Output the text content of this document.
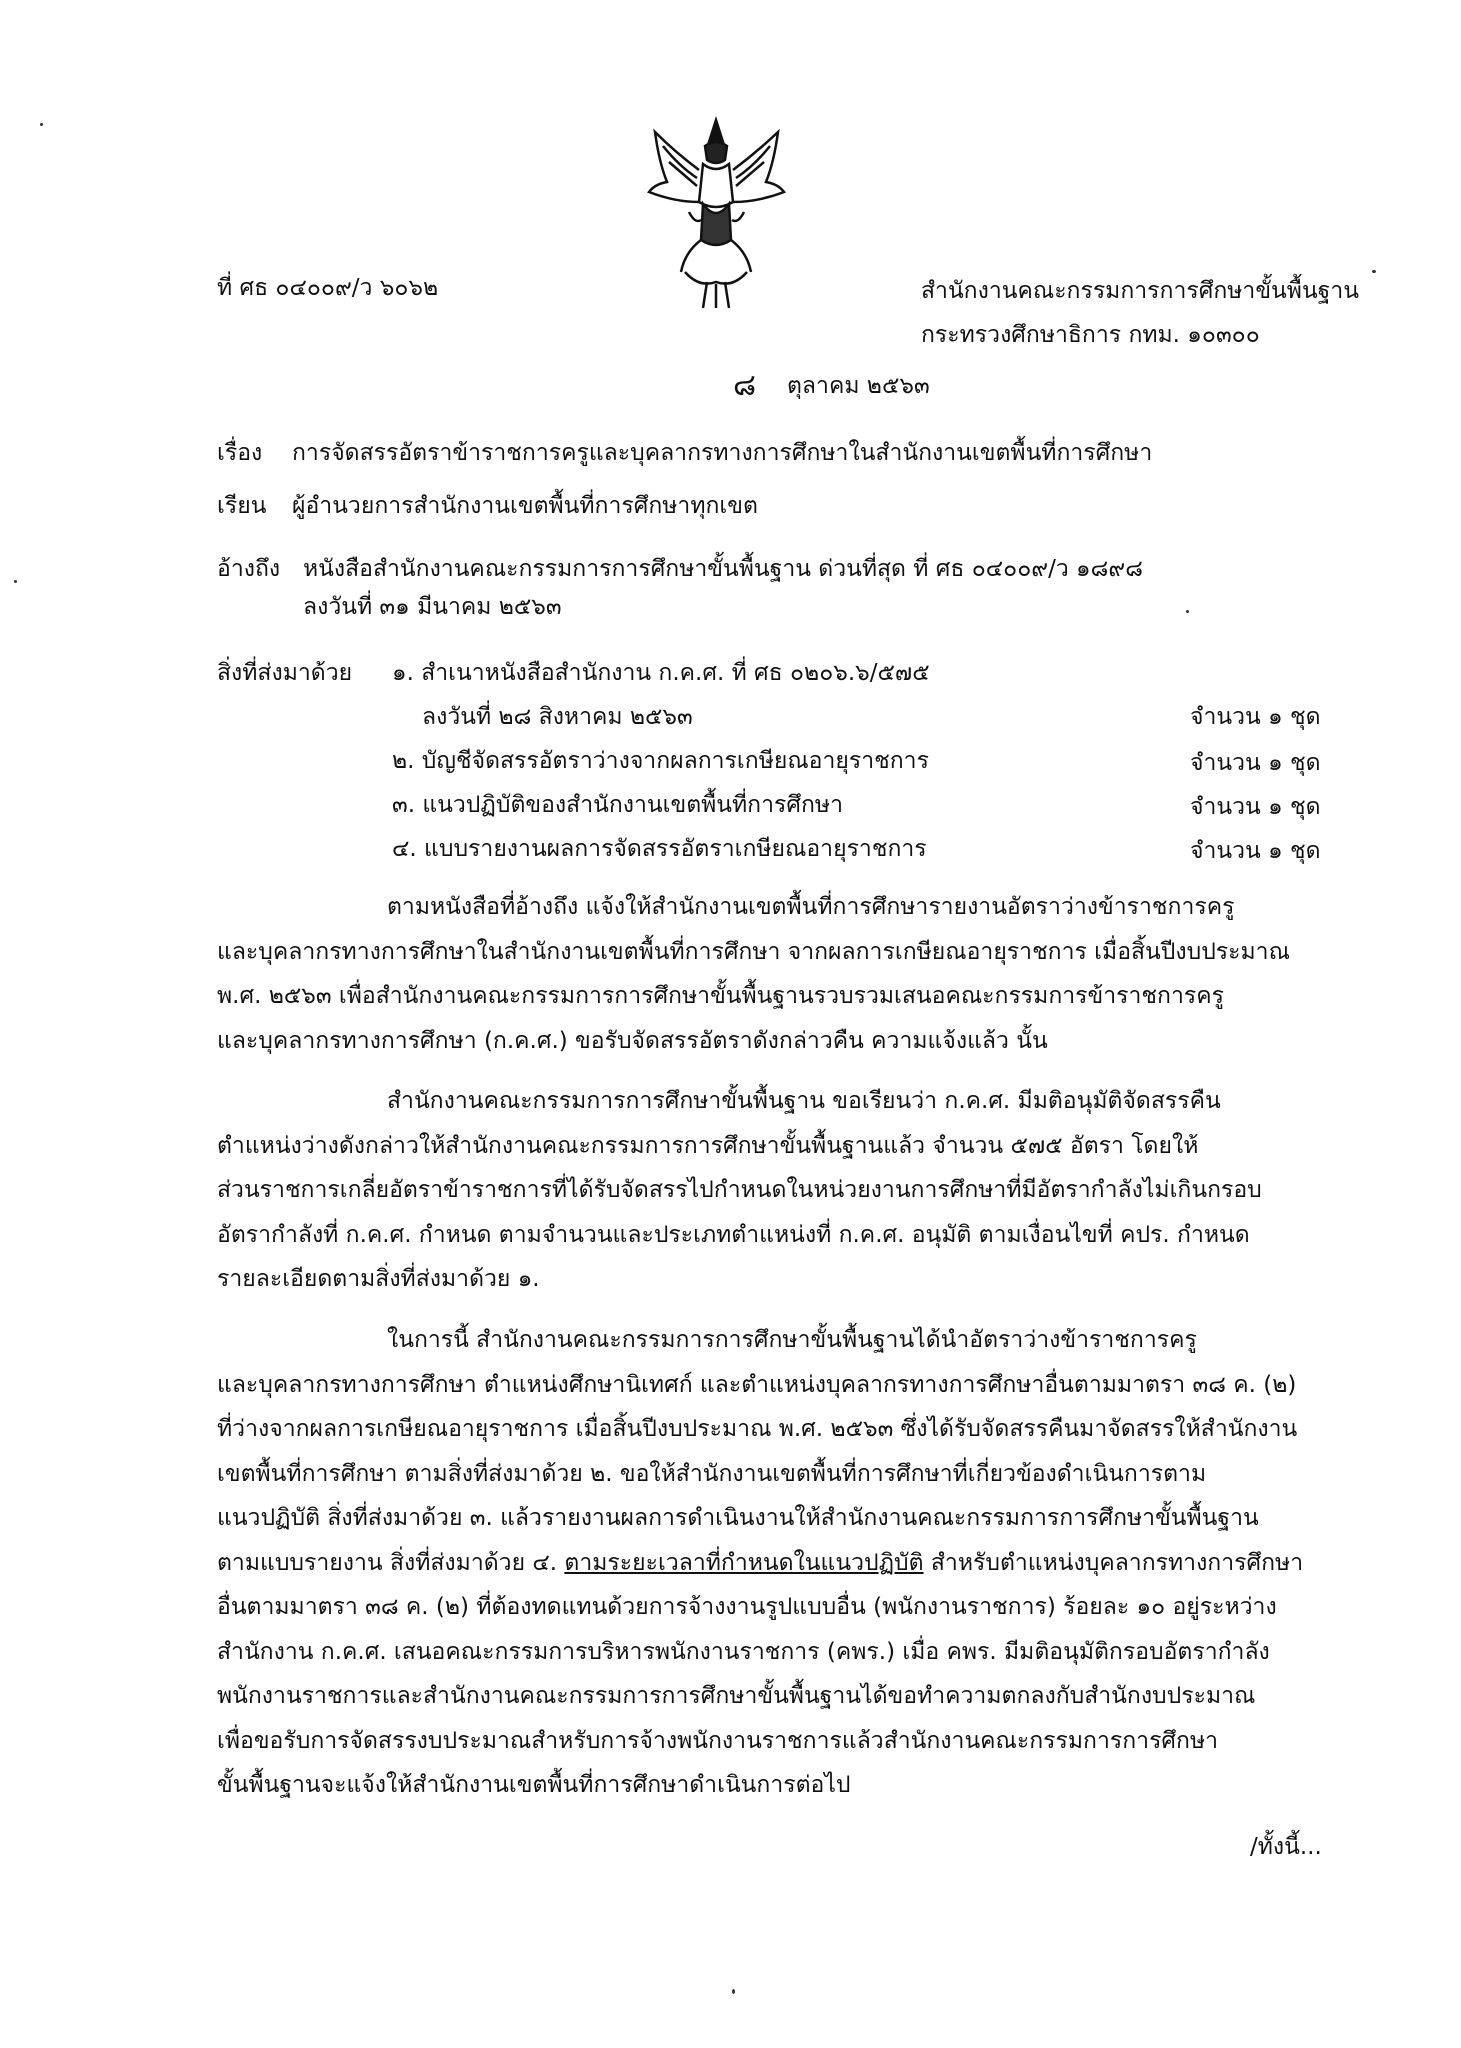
ที่ ศธ ๐๔๐๐๙/ว ๖๐๖๒	สำนักงานคณะกรรมการการศึกษาขั้นพื้นฐาน
กระทรวงศึกษาธิการ กทม. ๑๐๓๐๐
๘ ตุลาคม ๒๕๖๓
เรื่อง การจัดสรรอัตราข้าราชการครูและบุคลากรทางการศึกษาในสำนักงานเขตพื้นที่การศึกษา
เรียน ผู้อำนวยการสำนักงานเขตพื้นที่การศึกษาทุกเขต
อ้างถึง หนังสือสำนักงานคณะกรรมการการศึกษาขั้นพื้นฐาน ด่วนที่สุด ที่ ศธ ๐๔๐๐๙/ว ๑๘๙๘
ลงวันที่ ๓๑ มีนาคม ๒๕๖๓
สิ่งที่ส่งมาด้วย ๑. สำเนาหนังสือสำนักงาน ก.ค.ศ. ที่ ศธ ๐๒๐๖.๖/๕๗๕
ลงวันที่ ๒๘ สิงหาคม ๒๕๖๓	จำนวน ๑ ชุด
๒. บัญชีจัดสรรอัตราว่างจากผลการเกษียณอายุราชการ	จำนวน ๑ ชุด
๓. แนวปฏิบัติของสำนักงานเขตพื้นที่การศึกษา	จำนวน ๑ ชุด
๔. แบบรายงานผลการจัดสรรอัตราเกษียณอายุราชการ	จำนวน ๑ ชุด
ตามหนังสือที่อ้างถึง แจ้งให้สำนักงานเขตพื้นที่การศึกษารายงานอัตราว่างข้าราชการครู
และบุคลากรทางการศึกษาในสำนักงานเขตพื้นที่การศึกษา จากผลการเกษียณอายุราชการ เมื่อสิ้นปีงบประมาณ
พ.ศ. ๒๕๖๓ เพื่อสำนักงานคณะกรรมการการศึกษาขั้นพื้นฐานรวบรวมเสนอคณะกรรมการข้าราชการครู
และบุคลากรทางการศึกษา (ก.ค.ศ.) ขอรับจัดสรรอัตราดังกล่าวคืน ความแจ้งแล้ว นั้น
สำนักงานคณะกรรมการการศึกษาขั้นพื้นฐาน ขอเรียนว่า ก.ค.ศ. มีมติอนุมัติจัดสรรคืน
ตำแหน่งว่างดังกล่าวให้สำนักงานคณะกรรมการการศึกษาขั้นพื้นฐานแล้ว จำนวน ๕๗๕ อัตรา โดยให้
ส่วนราชการเกลี่ยอัตราข้าราชการที่ได้รับจัดสรรไปกำหนดในหน่วยงานการศึกษาที่มีอัตรากำลังไม่เกินกรอบ
อัตรากำลังที่ ก.ค.ศ. กำหนด ตามจำนวนและประเภทตำแหน่งที่ ก.ค.ศ. อนุมัติ ตามเงื่อนไขที่ คปร. กำหนด
รายละเอียดตามสิ่งที่ส่งมาด้วย ๑.
ในการนี้ สำนักงานคณะกรรมการการศึกษาขั้นพื้นฐานได้นำอัตราว่างข้าราชการครู
และบุคลากรทางการศึกษา ตำแหน่งศึกษานิเทศก์ และตำแหน่งบุคลากรทางการศึกษาอื่นตามมาตรา ๓๘ ค. (๒)
ที่ว่างจากผลการเกษียณอายุราชการ เมื่อสิ้นปีงบประมาณ พ.ศ. ๒๕๖๓ ซึ่งได้รับจัดสรรคืนมาจัดสรรให้สำนักงาน
เขตพื้นที่การศึกษา ตามสิ่งที่ส่งมาด้วย ๒. ขอให้สำนักงานเขตพื้นที่การศึกษาที่เกี่ยวข้องดำเนินการตาม
แนวปฏิบัติ สิ่งที่ส่งมาด้วย ๓. แล้วรายงานผลการดำเนินงานให้สำนักงานคณะกรรมการการศึกษาขั้นพื้นฐาน
ตามแบบรายงาน สิ่งที่ส่งมาด้วย ๔. ตามระยะเวลาที่กำหนดในแนวปฏิบัติ สำหรับตำแหน่งบุคลากรทางการศึกษา
อื่นตามมาตรา ๓๘ ค. (๒) ที่ต้องทดแทนด้วยการจ้างงานรูปแบบอื่น (พนักงานราชการ) ร้อยละ ๑๐ อยู่ระหว่าง
สำนักงาน ก.ค.ศ. เสนอคณะกรรมการบริหารพนักงานราชการ (คพร.) เมื่อ คพร. มีมติอนุมัติกรอบอัตรากำลัง
พนักงานราชการและสำนักงานคณะกรรมการการศึกษาขั้นพื้นฐานได้ขอทำความตกลงกับสำนักงบประมาณ
เพื่อขอรับการจัดสรรงบประมาณสำหรับการจ้างพนักงานราชการแล้วสำนักงานคณะกรรมการการศึกษา
ขั้นพื้นฐานจะแจ้งให้สำนักงานเขตพื้นที่การศึกษาดำเนินการต่อไป
/ทั้งนี้...
